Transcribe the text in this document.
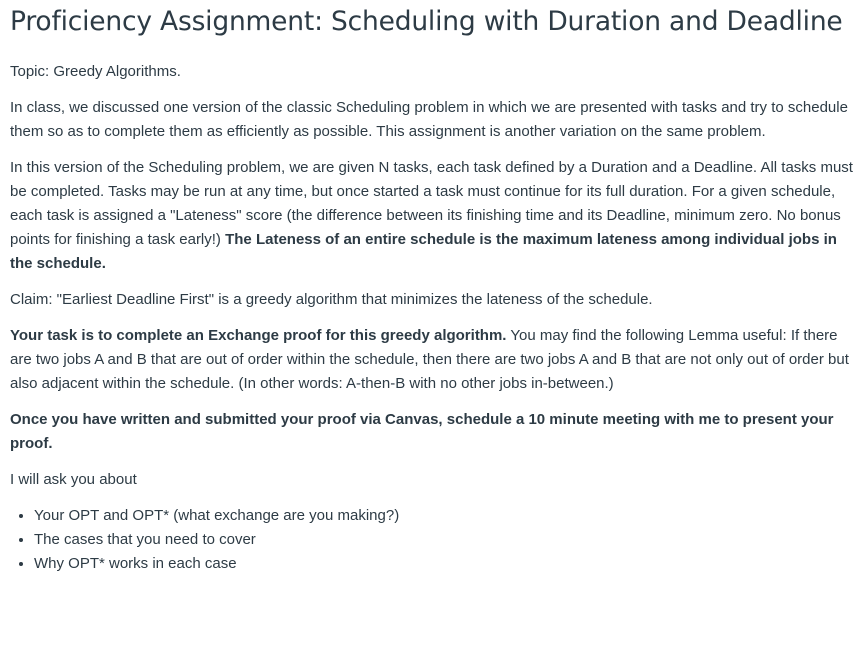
Proficiency Assignment: Scheduling with Duration and Deadline

Topic: Greedy Algorithms.

In class, we discussed one version of the classic Scheduling problem in which we are presented with tasks and try to schedule them so as to complete them as efficiently as possible. This assignment is another variation on the same problem.

In this version of the Scheduling problem, we are given N tasks, each task defined by a Duration and a Deadline. All tasks must be completed. Tasks may be run at any time, but once started a task must continue for its full duration. For a given schedule, each task is assigned a "Lateness" score (the difference between its finishing time and its Deadline, minimum zero. No bonus points for finishing a task early!) The Lateness of an entire schedule is the maximum lateness among individual jobs in the schedule.

Claim: "Earliest Deadline First" is a greedy algorithm that minimizes the lateness of the schedule.

Your task is to complete an Exchange proof for this greedy algorithm. You may find the following Lemma useful: If there are two jobs A and B that are out of order within the schedule, then there are two jobs A and B that are not only out of order but also adjacent within the schedule. (In other words: A-then-B with no other jobs in-between.)

Once you have written and submitted your proof via Canvas, schedule a 10 minute meeting with me to present your proof.

I will ask you about

• Your OPT and OPT* (what exchange are you making?)
• The cases that you need to cover
• Why OPT* works in each case
